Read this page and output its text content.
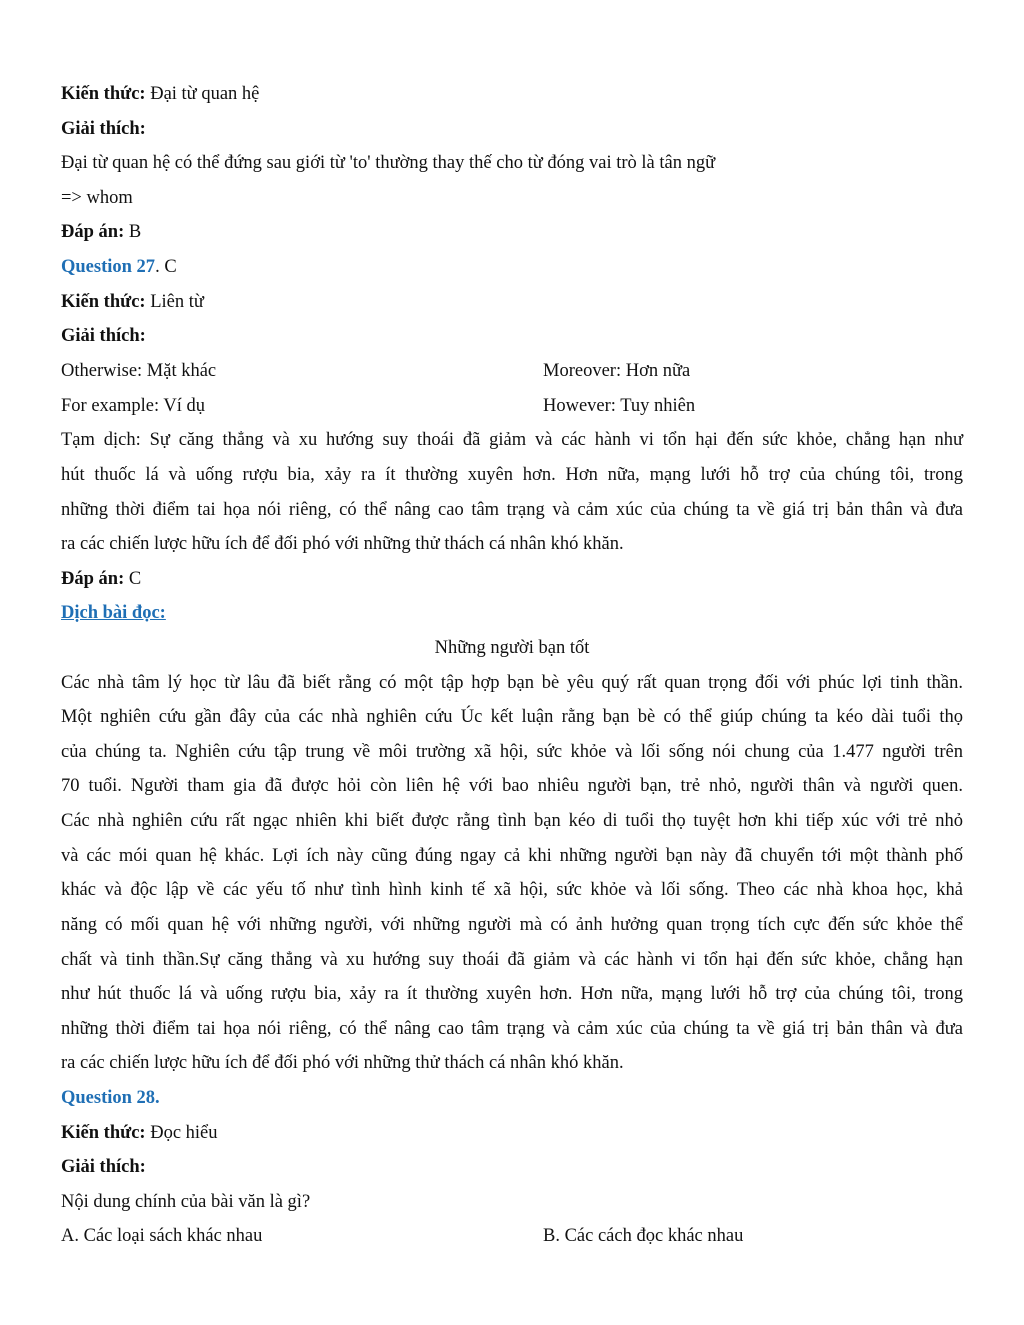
Kiến thức: Đại từ quan hệ
Giải thích:
Đại từ quan hệ có thể đứng sau giới từ 'to' thường thay thế cho từ đóng vai trò là tân ngữ
=> whom
Đáp án: B
Question 27. C
Kiến thức: Liên từ
Giải thích:
Otherwise: Mặt khác	Moreover: Hơn nữa
For example: Ví dụ	However: Tuy nhiên
Tạm dịch: Sự căng thẳng và xu hướng suy thoái đã giảm và các hành vi tổn hại đến sức khỏe, chẳng hạn như
hút thuốc lá và uống rượu bia, xảy ra ít thường xuyên hơn. Hơn nữa, mạng lưới hỗ trợ của chúng tôi, trong
những thời điểm tai họa nói riêng, có thể nâng cao tâm trạng và cảm xúc của chúng ta về giá trị bản thân và đưa
ra các chiến lược hữu ích để đối phó với những thử thách cá nhân khó khăn.
Đáp án: C
Dịch bài đọc:
Những người bạn tốt
Các nhà tâm lý học từ lâu đã biết rằng có một tập hợp bạn bè yêu quý rất quan trọng đối với phúc lợi tinh thần.
Một nghiên cứu gần đây của các nhà nghiên cứu Úc kết luận rằng bạn bè có thể giúp chúng ta kéo dài tuổi thọ
của chúng ta. Nghiên cứu tập trung về môi trường xã hội, sức khỏe và lối sống nói chung của 1.477 người trên
70 tuổi. Người tham gia đã được hỏi còn liên hệ với bao nhiêu người bạn, trẻ nhỏ, người thân và người quen.
Các nhà nghiên cứu rất ngạc nhiên khi biết được rằng tình bạn kéo di tuổi thọ tuyệt hơn khi tiếp xúc với trẻ nhỏ
và các mói quan hệ khác. Lợi ích này cũng đúng ngay cả khi những người bạn này đã chuyển tới một thành phố
khác và độc lập về các yếu tố như tình hình kinh tế xã hội, sức khỏe và lối sống. Theo các nhà khoa học, khả
năng có mối quan hệ với những người, với những người mà có ảnh hưởng quan trọng tích cực đến sức khỏe thể
chất và tinh thần.Sự căng thẳng và xu hướng suy thoái đã giảm và các hành vi tổn hại đến sức khỏe, chẳng hạn
như hút thuốc lá và uống rượu bia, xảy ra ít thường xuyên hơn. Hơn nữa, mạng lưới hỗ trợ của chúng tôi, trong
những thời điểm tai họa nói riêng, có thể nâng cao tâm trạng và cảm xúc của chúng ta về giá trị bản thân và đưa
ra các chiến lược hữu ích để đối phó với những thử thách cá nhân khó khăn.
Question 28.
Kiến thức: Đọc hiểu
Giải thích:
Nội dung chính của bài văn là gì?
A. Các loại sách khác nhau	B. Các cách đọc khác nhau
